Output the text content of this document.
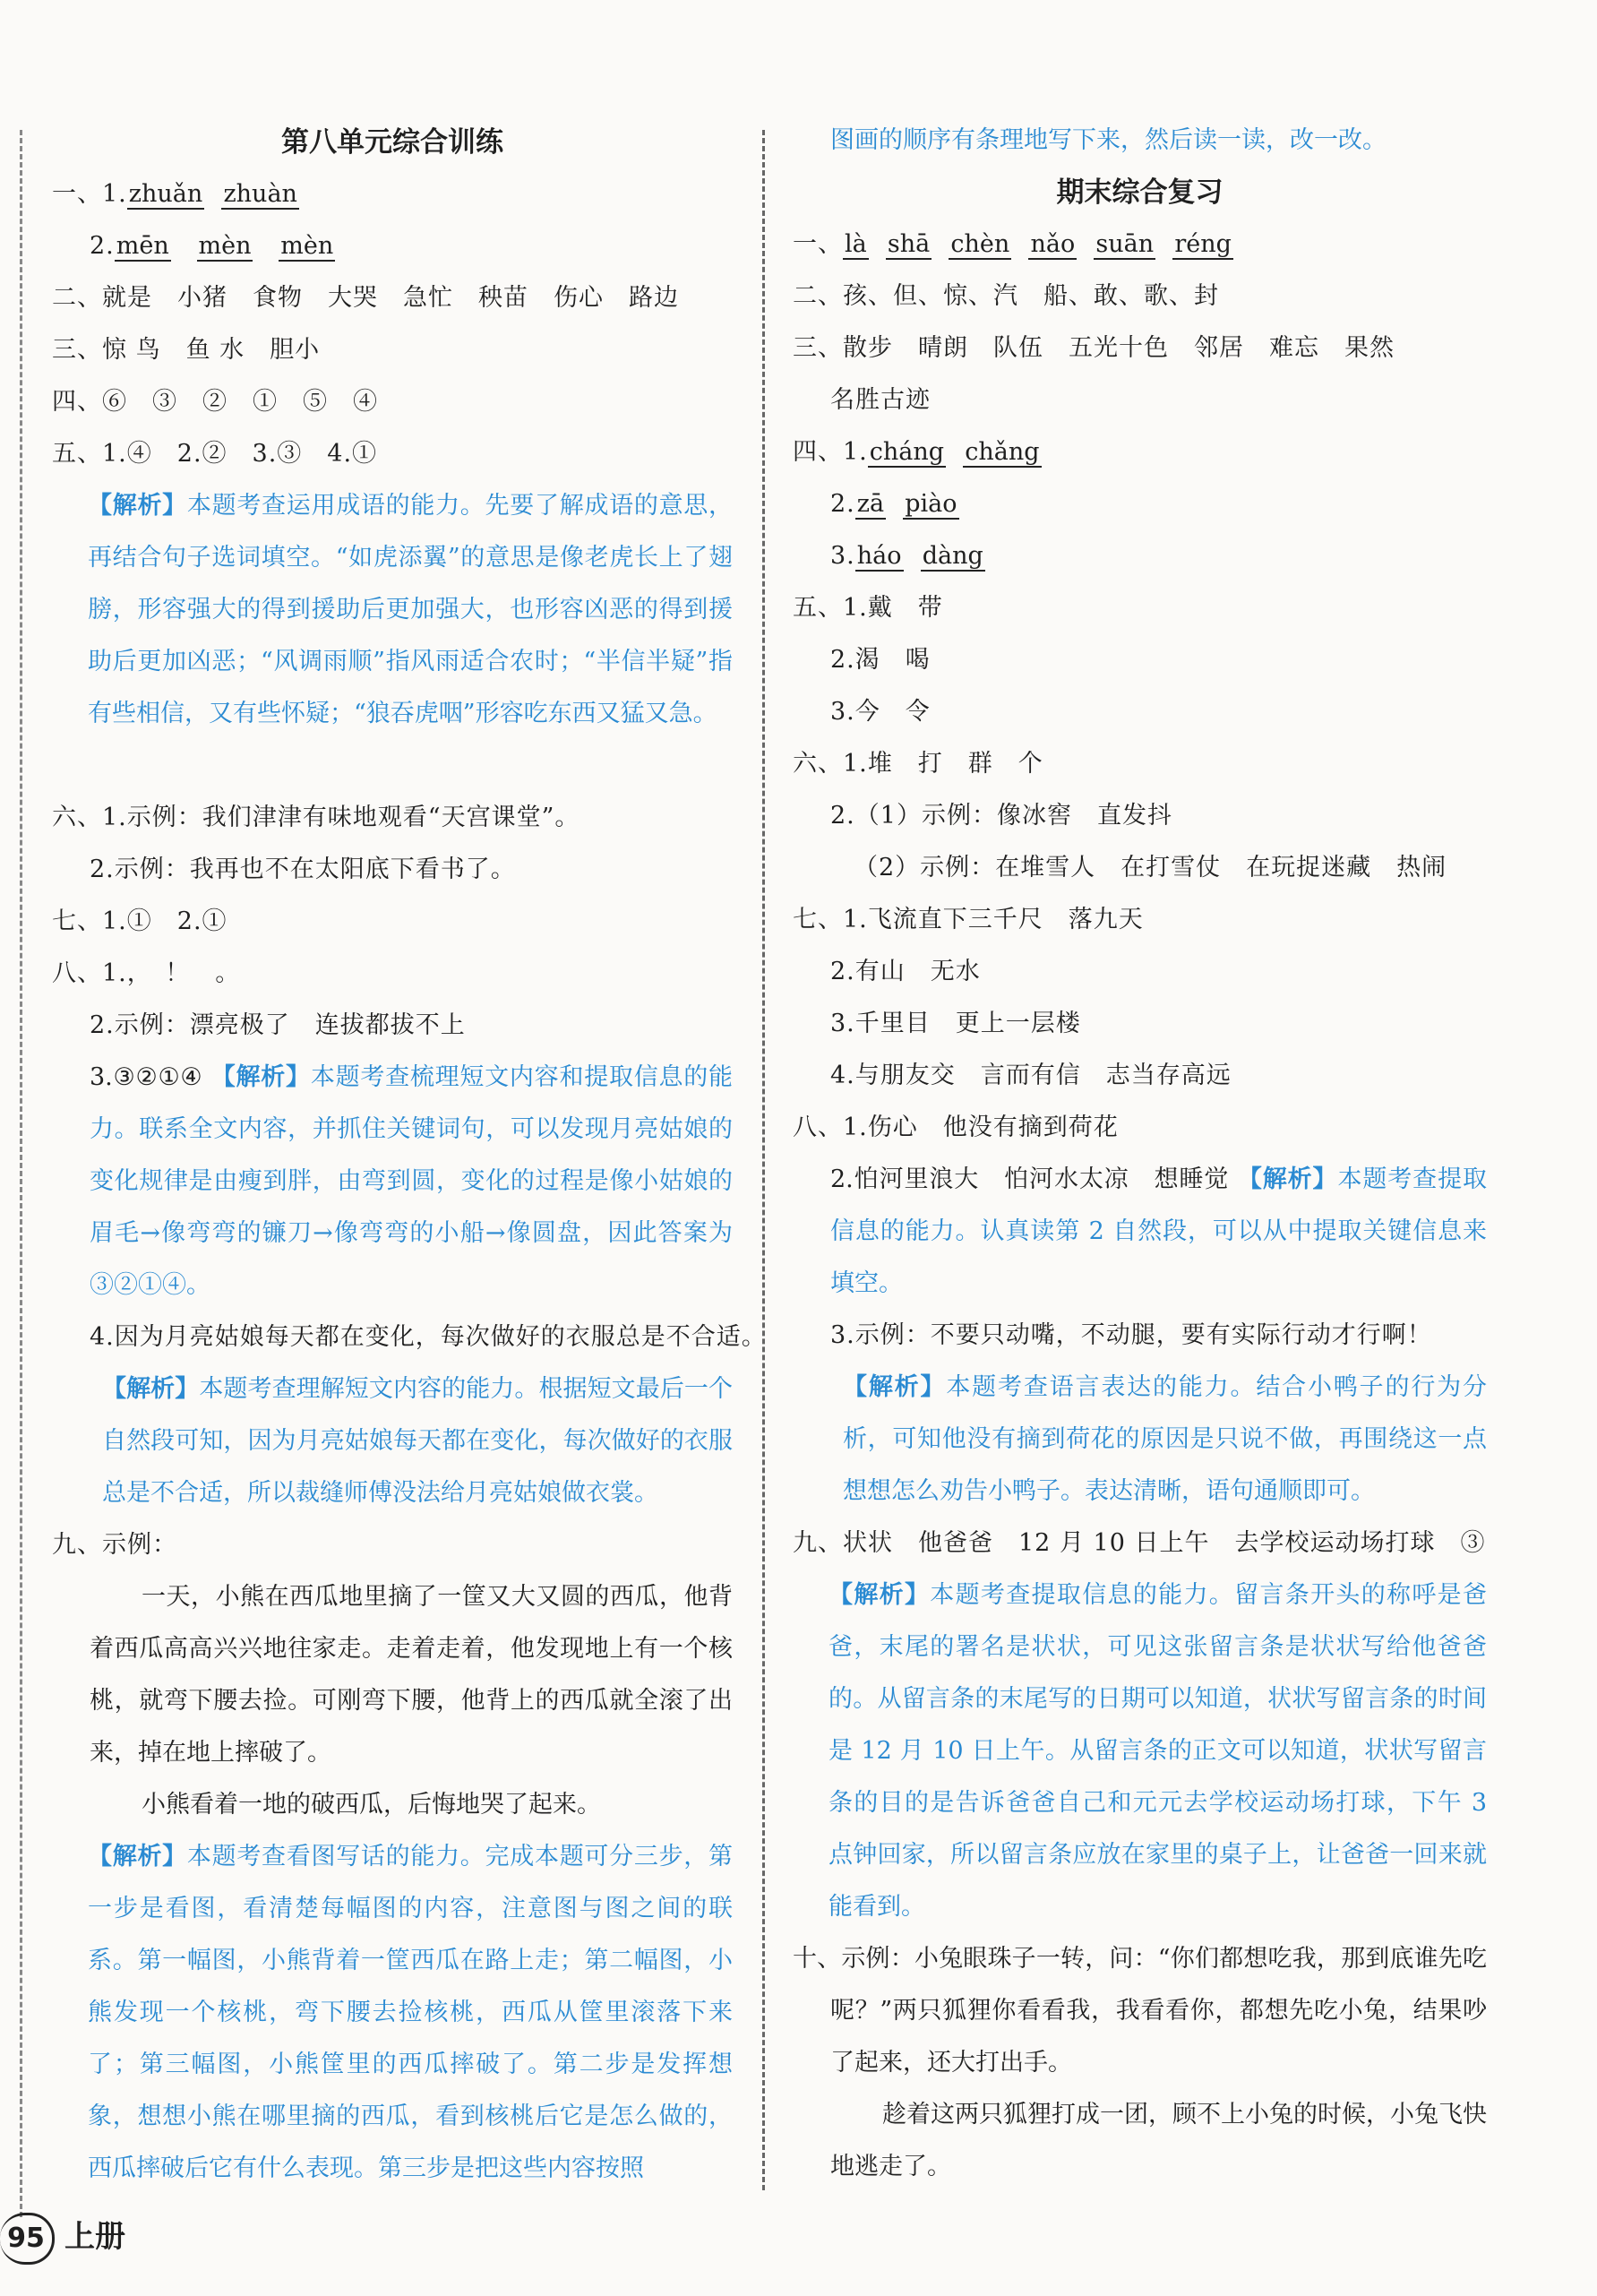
第八单元综合训练
一、1.zhuǎn zhuàn
2.mēn mèn mèn
二、就是　小猪　食物　大哭　急忙　秧苗　伤心　路边
三、惊 鸟　鱼 水　胆小
四、⑥　③　②　①　⑤　④
五、1.④　2.②　3.③　4.①
【解析】本题考查运用成语的能力。先要了解成语的意思，再结合句子选词填空。“如虎添翼”的意思是像老虎长上了翅膀，形容强大的得到援助后更加强大，也形容凶恶的得到援助后更加凶恶；“风调雨顺”指风雨适合农时；“半信半疑”指有些相信，又有些怀疑；“狼吞虎咽”形容吃东西又猛又急。
六、1.示例：我们津津有味地观看“天宫课堂”。
2.示例：我再也不在太阳底下看书了。
七、1.①　2.①
八、1.，　！　。
2.示例：漂亮极了　连拔都拔不上
3.③②①④ 【解析】本题考查梳理短文内容和提取信息的能力。联系全文内容，并抓住关键词句，可以发现月亮姑娘的变化规律是由瘦到胖，由弯到圆，变化的过程是像小姑娘的眉毛→像弯弯的镰刀→像弯弯的小船→像圆盘，因此答案为③②①④。
4.因为月亮姑娘每天都在变化，每次做好的衣服总是不合适。
【解析】本题考查理解短文内容的能力。根据短文最后一个自然段可知，因为月亮姑娘每天都在变化，每次做好的衣服总是不合适，所以裁缝师傅没法给月亮姑娘做衣裳。
九、示例：
一天，小熊在西瓜地里摘了一筐又大又圆的西瓜，他背着西瓜高高兴兴地往家走。走着走着，他发现地上有一个核桃，就弯下腰去捡。可刚弯下腰，他背上的西瓜就全滚了出来，掉在地上摔破了。
小熊看着一地的破西瓜，后悔地哭了起来。
【解析】本题考查看图写话的能力。完成本题可分三步，第一步是看图，看清楚每幅图的内容，注意图与图之间的联系。第一幅图，小熊背着一筐西瓜在路上走；第二幅图，小熊发现一个核桃，弯下腰去捡核桃，西瓜从筐里滚落下来了；第三幅图，小熊筐里的西瓜摔破了。第二步是发挥想象，想想小熊在哪里摘的西瓜，看到核桃后它是怎么做的，西瓜摔破后它有什么表现。第三步是把这些内容按照
图画的顺序有条理地写下来，然后读一读，改一改。
期末综合复习
一、là shā chèn nǎo suān réng
二、孩、但、惊、汽　船、敢、歌、封
三、散步　晴朗　队伍　五光十色　邻居　难忘　果然
名胜古迹
四、1.cháng chǎng
2.zā piào
3.háo dàng
五、1.戴　带
2.渴　喝
3.今　令
六、1.堆　打　群　个
2.（1）示例：像冰窖　直发抖
（2）示例：在堆雪人　在打雪仗　在玩捉迷藏　热闹
七、1.飞流直下三千尺　落九天
2.有山　无水
3.千里目　更上一层楼
4.与朋友交　言而有信　志当存高远
八、1.伤心　他没有摘到荷花
2.怕河里浪大　怕河水太凉　想睡觉 【解析】本题考查提取信息的能力。认真读第 2 自然段，可以从中提取关键信息来填空。
3.示例：不要只动嘴，不动腿，要有实际行动才行啊！
【解析】本题考查语言表达的能力。结合小鸭子的行为分析，可知他没有摘到荷花的原因是只说不做，再围绕这一点想想怎么劝告小鸭子。表达清晰，语句通顺即可。
九、状状　他爸爸　12 月 10 日上午　去学校运动场打球　③
【解析】本题考查提取信息的能力。留言条开头的称呼是爸爸，末尾的署名是状状，可见这张留言条是状状写给他爸爸的。从留言条的末尾写的日期可以知道，状状写留言条的时间是 12 月 10 日上午。从留言条的正文可以知道，状状写留言条的目的是告诉爸爸自己和元元去学校运动场打球，下午 3 点钟回家，所以留言条应放在家里的桌子上，让爸爸一回来就能看到。
十、示例：小兔眼珠子一转，问：“你们都想吃我，那到底谁先吃呢？”两只狐狸你看看我，我看看你，都想先吃小兔，结果吵了起来，还大打出手。
趁着这两只狐狸打成一团，顾不上小兔的时候，小兔飞快地逃走了。
95 上册
